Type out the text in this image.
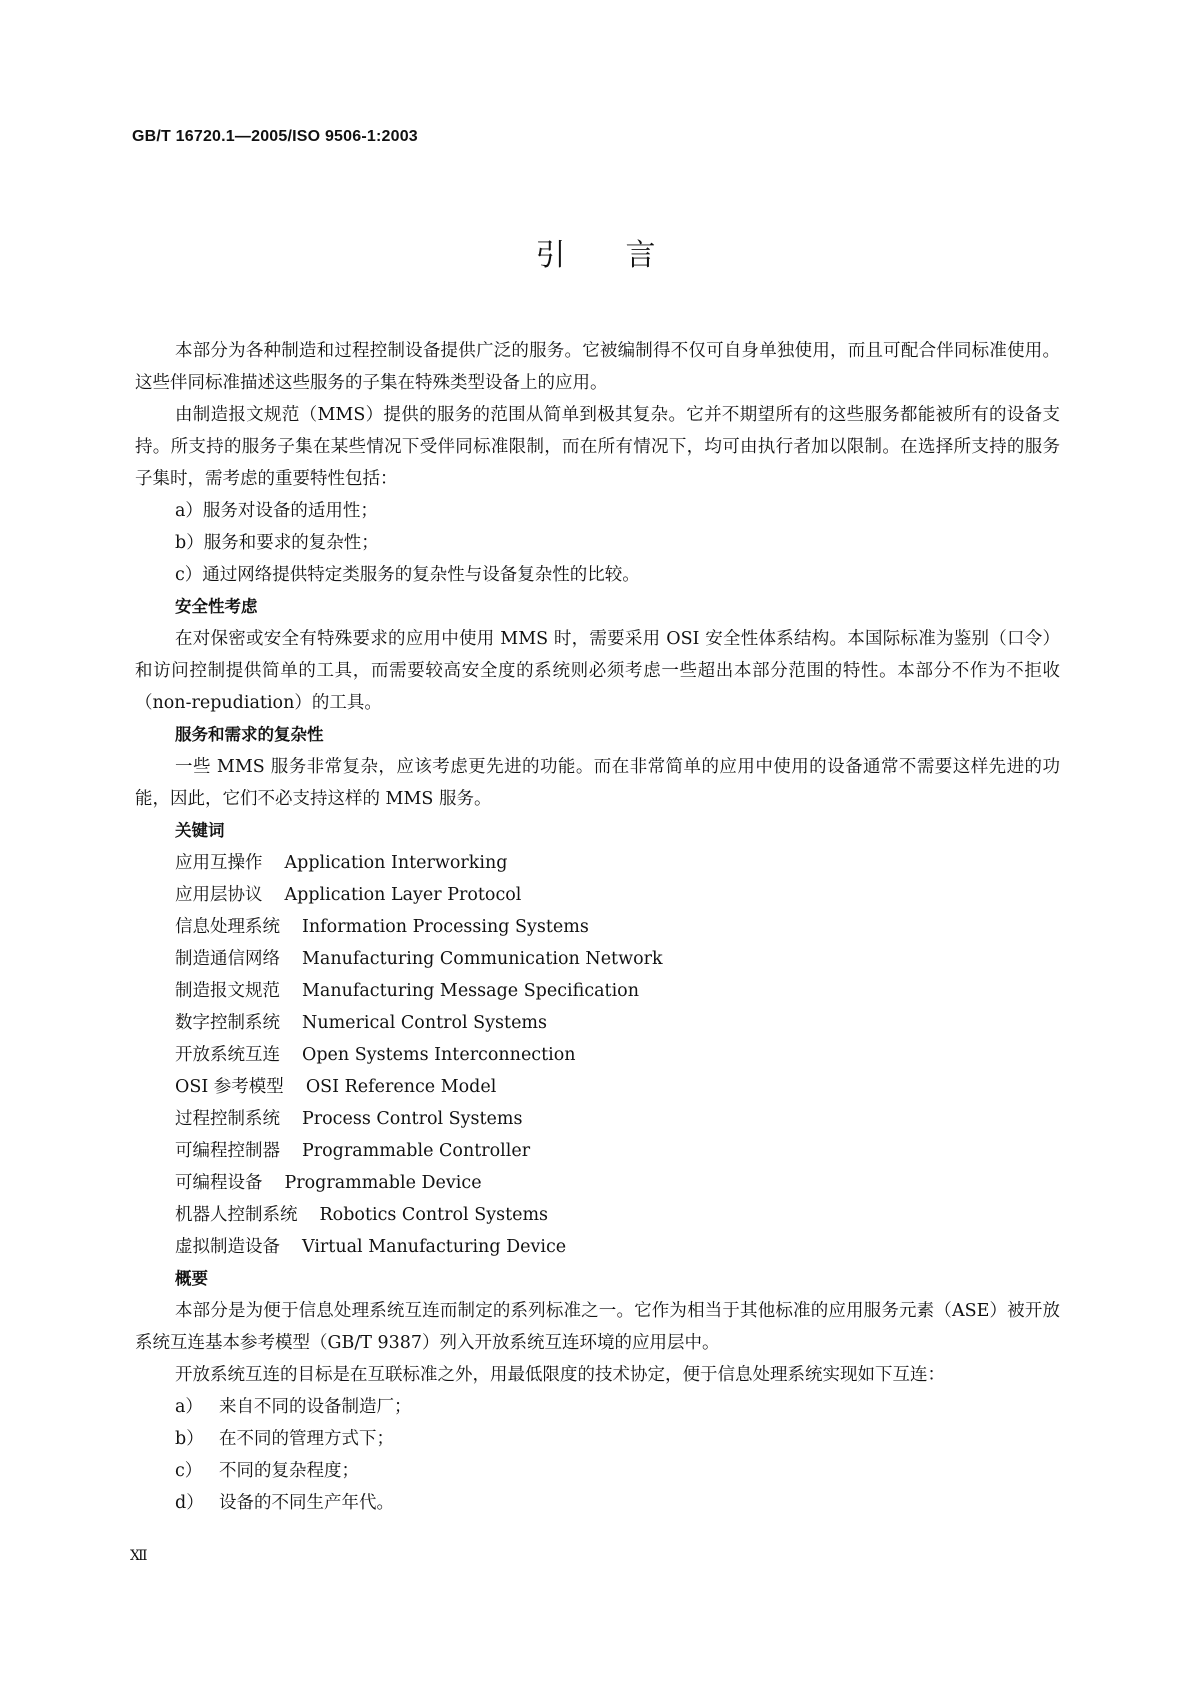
GB/T 16720.1—2005/ISO 9506-1:2003
引言

本部分为各种制造和过程控制设备提供广泛的服务。它被编制得不仅可自身单独使用，而且可配合伴同标准使用。这些伴同标准描述这些服务的子集在特殊类型设备上的应用。

由制造报文规范（MMS）提供的服务的范围从简单到极其复杂。它并不期望所有的这些服务都能被所有的设备支持。所支持的服务子集在某些情况下受伴同标准限制，而在所有情况下，均可由执行者加以限制。在选择所支持的服务子集时，需考虑的重要特性包括：

a）服务对设备的适用性；

b）服务和要求的复杂性；

c）通过网络提供特定类服务的复杂性与设备复杂性的比较。

安全性考虑

在对保密或安全有特殊要求的应用中使用 MMS 时，需要采用 OSI 安全性体系结构。本国际标准为鉴别（口令）和访问控制提供简单的工具，而需要较高安全度的系统则必须考虑一些超出本部分范围的特性。本部分不作为不拒收（non-repudiation）的工具。

服务和需求的复杂性

一些 MMS 服务非常复杂，应该考虑更先进的功能。而在非常简单的应用中使用的设备通常不需要这样先进的功能，因此，它们不必支持这样的 MMS 服务。

关键词

应用互操作 Application Interworking

应用层协议 Application Layer Protocol

信息处理系统 Information Processing Systems

制造通信网络 Manufacturing Communication Network

制造报文规范 Manufacturing Message Specification

数字控制系统 Numerical Control Systems

开放系统互连 Open Systems Interconnection

OSI 参考模型 OSI Reference Model

过程控制系统 Process Control Systems

可编程控制器 Programmable Controller

可编程设备 Programmable Device

机器人控制系统 Robotics Control Systems

虚拟制造设备 Virtual Manufacturing Device

概要

本部分是为便于信息处理系统互连而制定的系列标准之一。它作为相当于其他标准的应用服务元素（ASE）被开放系统互连基本参考模型（GB/T 9387）列入开放系统互连环境的应用层中。

开放系统互连的目标是在互联标准之外，用最低限度的技术协定，便于信息处理系统实现如下互连：

a） 来自不同的设备制造厂；

b） 在不同的管理方式下；

c） 不同的复杂程度；

d） 设备的不同生产年代。

Ⅻ
